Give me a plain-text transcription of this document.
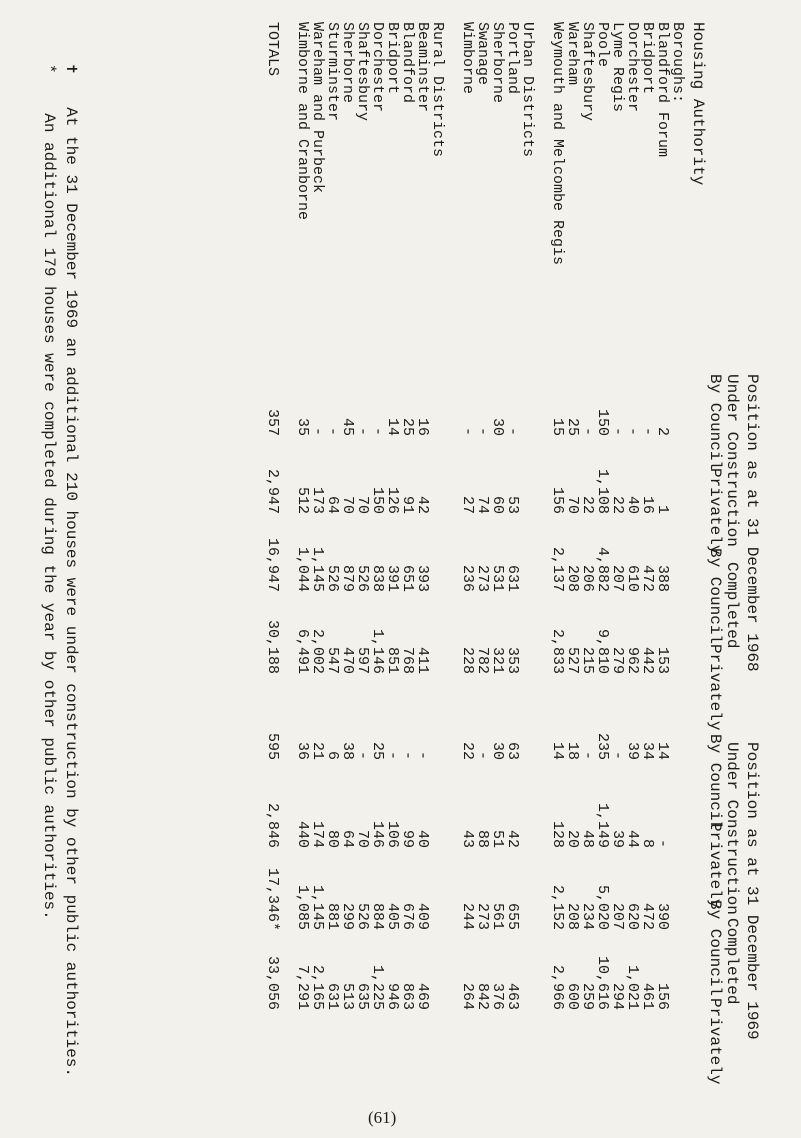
Housing Authority
Position as at 31 December 1968
Under Construction
Completed
By Council
Privately
By Council
Privately
Position as at 31 December 1969
Under Construction
Completed
By Council
Privately
By Council
Privately
Boroughs:
Blandford Forum
2
1
388
153
14
-
390
156
Bridport
-
16
472
442
34
8
472
461
Dorchester
-
40
610
962
39
44
620
1,021
Lyme Regis
-
22
207
279
-
39
207
294
Poole
150
1,108
4,882
9,810
235
1,149
5,020
10,616
Shaftesbury
-
22
206
215
-
48
234
259
Wareham
25
70
208
527
18
20
208
600
Weymouth and Melcombe Regis
15
156
2,137
2,833
14
128
2,152
2,966
Urban Districts
Portland
-
53
631
353
63
42
655
463
Sherborne
30
60
531
321
30
51
561
376
Swanage
-
74
273
782
-
88
273
842
Wimborne
-
27
236
228
22
43
244
264
Rural Districts
Beaminster
16
42
393
411
-
40
409
469
Blandford
25
91
651
768
-
99
676
863
Bridport
14
126
391
851
-
106
405
946
Dorchester
-
150
838
1,146
25
146
884
1,225
Shaftesbury
-
70
526
597
-
70
526
635
Sherborne
45
70
879
470
38
64
299
513
Sturminster
-
64
526
547
6
80
881
631
Wareham and Purbeck
-
173
1,145
2,002
21
174
1,145
2,165
Wimborne and Cranborne
35
512
1,044
6,491
36
440
1,085
7,291
TOTALS
357
2,947
16,947
30,188
595
2,846
17,346*
33,056
✝ At the 31 December 1969 an additional 210 houses were under construction by other public authorities.
* An additional 179 houses were completed during the year by other public authorities.
(61)
